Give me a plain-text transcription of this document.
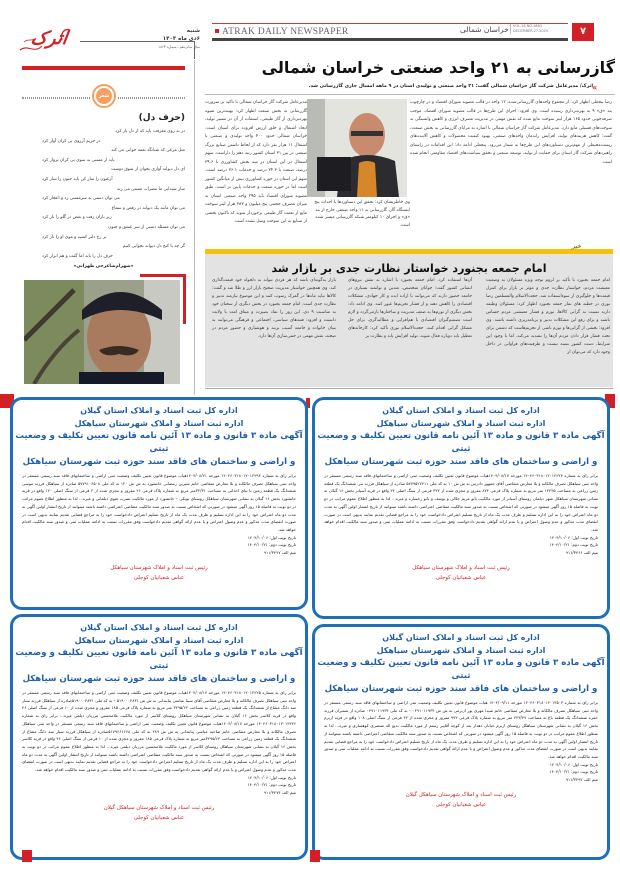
اترک	شنبه
۶دی ماه ۱۴۰۳
سال شانزدهم ـ شماره ۱۸۶۳
ATRAK DAILY NEWSPAPER	خراسان شمالی VOL.16,NO.1863
DECEMBER.27.2025	۷
شعر
(حرف دل)
در به روی معرفت باید که از دل باز کرد
در حریم آرزوی بی کران آواز کرد
مثل مرغی که شبانگه نغمه خوانی می کند
باید از مستی به سوی بی کران پرواز کرد
ای دل دیوانه آوازی بخوان از شوق دوست
آرغنون را ساز کن باید جنون را ساز کرد
ساز شیدایی ما مضراب مستی می زند
می توان دستی به سرمستی زد و اعجاز کرد
می توان مانند یک دیوانه در رقص و سماع
زیر باران رفت و بغض در گلو را باز کرد
می توان مسئله دستی از سر عشق و جنون
بر رخ دلبر کشید و موی او را ناز کرد
گر چه با کنج دل دیوانه نجوایی کنیم
حرف دل را باید اما گفت و هم ابراز کرد
«شهرام‌شاعرحی طهرانی»
گازرسانی به ۲۱ واحد صنعتی خراسان شمالی
«
اترک/ مدیرعامل شرکت گاز خراسان شمالی گفت: ۲۱ واحد صنعتی و تولیدی استان در ۹ ماهه امسال جاری گازرسانی شد.
رضا پنجعلی اظهار کرد: از مجموع واحدهای گازرسانی‌شده، ۱۲ واحد در قالب مصوبه شورای اقتصاد و در چارچوب بند «ق» ۹ به بهره‌برداری رسیده است. وی افزود: اجرای این طرح‌ها در قالب مصوبه شورای اقتصاد، موجب صرفه‌جویی حدود ۱۶۵ هزار لیتر سوخت مایع شده که نقش مهمی در مدیریت مصرف انرژی و کاهش وابستگی به سوخت‌های فسیلی مایع دارد. مدیرعامل شرکت گاز خراسان شمالی با اشاره به مزایای گازرسانی به بخش صنعت، گفت: کاهش هزینه‌های تولید، افزایش راندمان واحدهای صنعتی، بهبود کیفیت محصولات و کاهش آلاینده‌های زیست‌محیطی از مهم‌ترین دستاوردهای این طرح‌ها به شمار می‌رود. پنجعلی ادامه داد: این اقدامات در راستای راهبردهای شرکت گاز استان برای حمایت از تولید، توسعه صنعتی و تحقق سیاست‌های اقتصاد مقاومتی انجام شده است.
وی خاطرنشان کرد: تحقق این دستاوردها با احداث پنج ایستگاه گاز، گازرسانی به ۱۱ واحد صنعتی خارج از بند «ق» و اجرای ۱۰ کیلومتر شبکه گازرسانی میسر شده است.
مدیرعامل شرکت گاز خراسان شمالی با تاکید بر ضرورت گازرسانی به بخش صنعت اظهار کرد: بهینه‌ترین شیوه بهره‌برداری از گاز طبیعی، استفاده از آن در مسیر تولید، ایجاد اشتغال و خلق ارزش افزوده برای استان است. خراسان شمالی حدود ۴۰۰ واحد تولیدی و صنعتی با اشتغال ۱۱ هزار نفر دارد که از لحاظ داشتن صنایع بزرگ صنعتی در بین ۳۱ استان کشور رتبه دهم را داراست. سهم اشتغال در این استان در سه بخش کشاورزی با ۳۹.۶ درصد، صنعت با ۲۴.۳ درصد و خدمات ۳۶.۱ درصد است. سهم این استان در حوزه کشاورزی بیش از میانگین کشور است اما در حوزه صنعت و خدمات پایین تر است. طبق مصوبه شورای اقتصاد باید ۲۹۵ واحد صنعتی استان به میزان مصرف حجمی پنج میلیون و ۳۸۷ هزار لیتر سوخت مایع از نعمت گاز طبیعی برخوردار شوند که تاکنون بخشی از صنایع به این سوخت وصل نشده است.
خبر
امام جمعه بجنورد خواستار نظارت جدی بر بازار شد
امام جمعه بجنورد با تأکید بر لزوم توجه ویژه مسئولان به وضعیت معیشت مردم، خواستار نظارت جدی و مؤثر بر بازار برای کنترل قیمت‌ها و جلوگیری از سوءاستفاده شد. حجت‌الاسلام والمسلمین رضا نوری در خطبه های نماز جمعه بجنورد اظهار کرد: مسئولان وظیفه دارند نسبت به گرانی کالاها، تورم و فشار معیشتی مردم حساس باشند و برای رفع این مشکلات تدبیر و برنامه‌ریزی داشته باشند. وی افزود: بخشی از گرانی‌ها و تورم ناشی از تحریم‌هاست که دشمن برای تحت فشار قرار دادن مردم آن‌ها را تشدید می‌کند، اما با وجود این شرایط، دست کشور بسته نیست و ظرفیت‌های فراوانی در داخل وجود دارد که می‌توان از
آن‌ها استفاده کرد. امام جمعه بجنورد با اشاره به نقش نیروهای انسانی کشور گفت: جوانان متخصص، متدین و توانمند بسیاری در جامعه حضور دارند که می‌توانند با اراده ایده و کار جهادی، مشکلات اقتصادی را کاهش دهند و از فشار تحریم‌ها عبور کنند. وی ادامه داد: بخش دیگری از تورم‌ها به ضعف مدیریت و ساختارها بازمی‌گردد و لازم است تصمیم‌گیران اقتصادی با هم‌افزایی و مطالبه‌گری، برای حل مشکل گرانی اقدام کنند. حجت‌الاسلام نوری تأکید کرد: کارخانه‌های تعطیل باید دوباره فعال شوند، تولید افزایش یابد و نظارت بر
بازار به‌گونه‌ای باشد که هر فردی نتواند به دلخواه خود قیمت‌گذاری کند. وی همچنین خواستار مدیریت صحیح بازار ارز و طلا شد و گفت: کالاها نباید ماه‌ها در گمرک رسوب کنند و این موضوع نیازمند تدبیر و نظارت جدی است. امام جمعه بجنورد در بخش دیگری از سخنان خود به مناسبت ۹ دی، این روز را نماد بصیرت و میثاق امت با ولایت دانست و افزود: فتنه‌های سیاسی، اجتماعی و فرهنگی می‌توانند به بنیان خانواده و جامعه آسیب بزنند و هوشیاری و حضور مردم در صحنه، نقش مهمی در خنثی‌سازی آن‌ها دارد.
اداره کل ثبت اسناد و املاک استان گیلان
اداره ثبت اسناد و املاک شهرستان سیاهکل
آگهی ماده ۳ قانون و ماده ۱۳ آئین نامه قانون تعیین تکلیف و وضعیت ثبتی
و اراضی و ساختمان های فاقد سند حوزه ثبت شهرستان سیاهکل
برابر رای به شماره ۱۴۰۴۶۰۳۱۸۰۱۲۰۱۲۲۲۷ مورخه ۱۴۰۴/۰۸/۱۷هیات موضوع قانون تعیین تکلیف وضعیت ثبتی اراضی و ساختمانهای فاقد سند رسمی مستقر در واحد ثبتی سیاهکل تصرف مالکانه و بلا معارض متقاضی آقای جمهور دادرس به ش ش ۱۰ به کد ملی ۵۷۷۹۵۲۷۷۱۱ صادره از سیاهکل فرزند نبی ششدانگ یک قطعه زمین زراعی به مساحت ۱۲۴۴۵ متر مربع به شماره پلاک فرعی ۸۷۴ مفروز و مجزی شده از ۳۴۲ فرعی از سنگ اصلی ۲۴ واقع در قریه آسیابر بخش ۱۶ گیلان به نشانی شهرستان سیاهکل شهر دیلمان روستای آسیابر از مورد مالکیت بانو مریم جلالی و یوسف و بانو رخساره و غیره... لذا به منظور اطلاع عموم مراتب در دو نوبت به فاصله ۱۵ روز آگهی میشود در صورتی که اشخاص نسبت به صدور سند مالکیت متقاضی اعتراضی داشته باشند میتوانند از تاریخ انتشار اولین آگهی به مدت دو ماه اعتراض خود را به این اداره تسلیم و ظرف مدت یک ماه از تاریخ تسلیم اعتراض دادخواست خود را به مراجع قضایی تقدیم نمایند بدیهی است در صورت انقضای مدت مذکور و عدم وصول اعتراض و یا عدم ارائه گواهی تقدیم دادخواست وفق مقررات نسبت به ادامه عملیات ثبتی و صدور سند مالکیت اقدام خواهد شد.
تاریخ نوبت اول: ۱۴۰۴/۱۰/۰۶
تاریخ نوبت دوم: ۱۴۰۴/۱۰/۲۱
میم الف ۹۱۱/۳۴۶۶
رئیس ثبت اسناد و املاک شهرستان سیاهکل
عباس شعبانیان کوجلی
اداره کل ثبت اسناد و املاک استان گیلان
اداره ثبت اسناد و املاک شهرستان سیاهکل
آگهی ماده ۳ قانون و ماده ۱۳ آئین نامه قانون تعیین تکلیف و وضعیت ثبتی
و اراضی و ساختمان های فاقد سند حوزه ثبت شهرستان سیاهکل
برابر رای به شماره ۱۴۰۴۶۰۳۱۸۰۱۲۰۱۲۲۹۴ مورخه ۱۴۰۴/۰۸/۲۱هیات موضوع قانون تعیین تکلیف وضعیت ثبتی اراضی و ساختمانهای فاقد سند رسمی مستقر در واحد ثبتی سیاهکل تصرف مالکانه و بلا معارض متقاضی خانم شیرین رمضانی جانشورد به ش ش ۱۲۰ به کد ملی ۵۷۷۹۱۰۶۵۰۸ صادره از سیاهکل فرزند موسی ششدانگ یک قطعه زمین با بنای احداثی به مساحت ۳۲/۳۱متر مربع به شماره پلاک فرعی ۴۶ مفروز و مجزی شده از ۲ فرعی از سنگ اصلی ۱۲۰ واقع در قریه جانشورد بخش ۱۶ گیلان به نشانی شهرستان سیاهکل روستای تونکی – جانشورد از مورد مالکیت نصرت تقوی دیلمانی و غیره... لذا به منظور اطلاع عموم مراتب در دو نوبت به فاصله ۱۵ روز آگهی میشود در صورتی که اشخاص نسبت به صدور سند مالکیت متقاضی اعتراضی داشته باشند میتوانند از تاریخ انتشار اولین آگهی به مدت دو ماه اعتراض خود را به این اداره تسلیم و ظرف مدت یک ماه از تاریخ تسلیم اعتراض دادخواست خود را به مراجع قضایی تقدیم نمایند بدیهی است در صورت انقضای مدت مذکور و عدم وصول اعتراض و یا عدم ارائه گواهی تقدیم دادخواست وفق مقررات نسبت به ادامه عملیات ثبتی و صدور سند مالکیت اقدام خواهد شد.
تاریخ نوبت اول: ۱۴۰۴/۱۰/۰۶
تاریخ نوبت دوم: ۱۴۰۴/۱۰/۲۱
میم الف ۹۱۱/۳۴۴۷
رئیس ثبت اسناد و املاک شهرستان سیاهکل
عباس شعبانیان کوجلی
اداره کل ثبت اسناد و املاک استان گیلان
اداره ثبت اسناد و املاک شهرستان سیاهکل
آگهی ماده ۳ قانون و ماده ۱۳ آئین نامه قانون تعیین تکلیف و وضعیت ثبتی
و اراضی و ساختمان های فاقد سند حوزه ثبت شهرستان سیاهکل
برابر رای به شماره ۱۴۰۴۶۰۳۱۸۰۱۲۰۱۳۵۰۳ مورخه ۱۴۰۴/۰۹/۱۱ هیات موضوع قانون تعیین تکلیف وضعیت ثبتی اراضی و ساختمانهای فاقد سند رسمی مستقر در واحد ثبتی سیاهکل تصرف مالکانه و بلا معارض متقاضی خانم شیدا مهری پور ازبرمی به ش ش ۰۴۹۱۰۱۱۹۳۴ – به کد ملی ۰۴۹۱۰۱۱۹۳۴ صادره از شمیران فرزند حمزه ششدانگ یک قطعه باغ به مساحت ۴۲۳/۴۷ متر مربع به شماره پلاک فرعی ۹۷۴ مفروز و مجزی شده از ۴۲ فرعی از سنگ اصلی ۱۰۸ واقع در قریه ازبرم بخش ۱۶ گیلان به نشانی شهرستان سیاهکل روستای ازبرم خیابان دهدار بعد از کوچه آقاپیر رستم از مورد مالکیت بدیع اله منتصری کوهساری و غیره... لذا به منظور اطلاع عموم مراتب در دو نوبت به فاصله ۱۵ روز آگهی میشود در صورتی که اشخاص نسبت به صدور سند مالکیت متقاضی اعتراضی داشته باشند میتوانند از تاریخ انتشار اولین آگهی به مدت دو ماه اعتراض خود را به این اداره تسلیم و ظرف مدت یک ماه از تاریخ تسلیم اعتراض دادخواست خود را به مراجع قضایی تقدیم نمایند بدیهی است در صورت انقضای مدت مذکور و عدم وصول اعتراض و یا عدم ارائه گواهی تقدیم دادخواست وفق مقررات نسبت به ادامه عملیات ثبتی و صدور سند مالکیت اقدام خواهد شد.
تاریخ نوبت اول: ۱۴۰۴/۱۰/۰۶
تاریخ نوبت دوم: ۱۴۰۴/۱۰/۲۱
میم الف ۹۱۱/۳۴۹۲
رئیس ثبت اسناد و املاک شهرستان سیاهکل گیلان
عباس شعبانیان کوجلی
اداره کل ثبت اسناد و املاک استان گیلان
اداره ثبت اسناد و املاک شهرستان سیاهکل
آگهی ماده ۳ قانون و ماده ۱۳ آئین نامه قانون تعیین تکلیف و وضعیت ثبتی
و اراضی و ساختمان های فاقد سند حوزه ثبت شهرستان سیاهکل
برابر رای به شماره ۱۴۰۴۶۰۳۱۸۰۱۲۰۱۲۲۲۵ مورخه ۱۴۰۴/۰۸/۱۷هیات موضوع قانون تعیین تکلیف وضعیت ثبتی اراضی و ساختمانهای فاقد سند رسمی مستقر در واحد ثبتی سیاهکل تصرف مالکانه و بلا معارض متقاضی آقای سینا عباسی پنابندانی به ش ش ۵۱۹۰۰۰۴۸۳۱ – به کد ملی ۵۱۹۰۰۰۴۸۳۱صادره از سیاهکل فرزند ستار سه دانگ مشاع از ششدانگ یک قطعه زمین زراعی به مساحت ۳۲۹۵/۶۲ متر مربع به شماره پلاک فرعی ۱۸۵ مفروز و مجزی شده از ۱۰ فرعی از سنگ اصلی ۴۶ واقع در قریه کلاسر بخش ۱۶ گیلان به نشانی شهرستان سیاهکل روستای کلاسر از مورد مالکیت غلامحسین مرزبان دیلمی غیره... برابر رای به شماره ۱۴۰۴۶۰۳۱۸۰۱۲۰۱۲۲۲۶ مورخه ۱۴۰۴/۰۸/۱۷هیات موضوع قانون تعیین تکلیف وضعیت ثبتی اراضی و ساختمانهای فاقد سند رسمی مستقر در واحد ثبتی سیاهکل تصرف مالکانه و بلا معارض متقاضی خانم صاحبه عباسی پنابندانی به ش ش ۲۸۹ به کد ملی ۵۱۷۹۶۶۱۶۶۸صادره از سیاهکل فرزند ستار سه دانگ مشاع از ششدانگ یک قطعه زمین زراعی به مساحت ۳۲۹۵/۶۲متر مربع به شماره پلاک فرعی ۱۸۵ مفروز و مجزی شده از ۱۰ فرعی از سنگ اصلی ۴۶ واقع در قریه کلاسر بخش ۱۶ گیلان به نشانی شهرستان سیاهکل روستای کلاسر از مورد مالکیت غلامحسین مرزبان دیلمی غیره... لذا به منظور اطلاع عموم مراتب در دو نوبت به فاصله ۱۵ روز آگهی میشود در صورتی که اشخاص نسبت به صدور سند مالکیت متقاضی اعتراضی داشته باشند میتوانند از تاریخ انتشار اولین آگهی به مدت دو ماه اعتراض خود را به این اداره تسلیم و ظرف مدت یک ماه از تاریخ تسلیم اعتراض دادخواست خود را به مراجع قضایی تقدیم نمایند بدیهی است در صورت انقضای مدت مذکور و عدم وصول اعتراض و یا عدم ارائه گواهی تقدیم دادخواست وفق مقررات نسبت به ادامه عملیات ثبتی و صدور سند مالکیت اقدام خواهد شد.
تاریخ نوبت اول: ۱۴۰۴/۱۰/۰۶
تاریخ نوبت دوم: ۱۴۰۴/۱۰/۲۱
میم الف ۹۱۱/۳۴۷۴
رئیس ثبت اسناد و املاک شهرستان سیاهکل گیلان
عباس شعبانیان کوجلی
